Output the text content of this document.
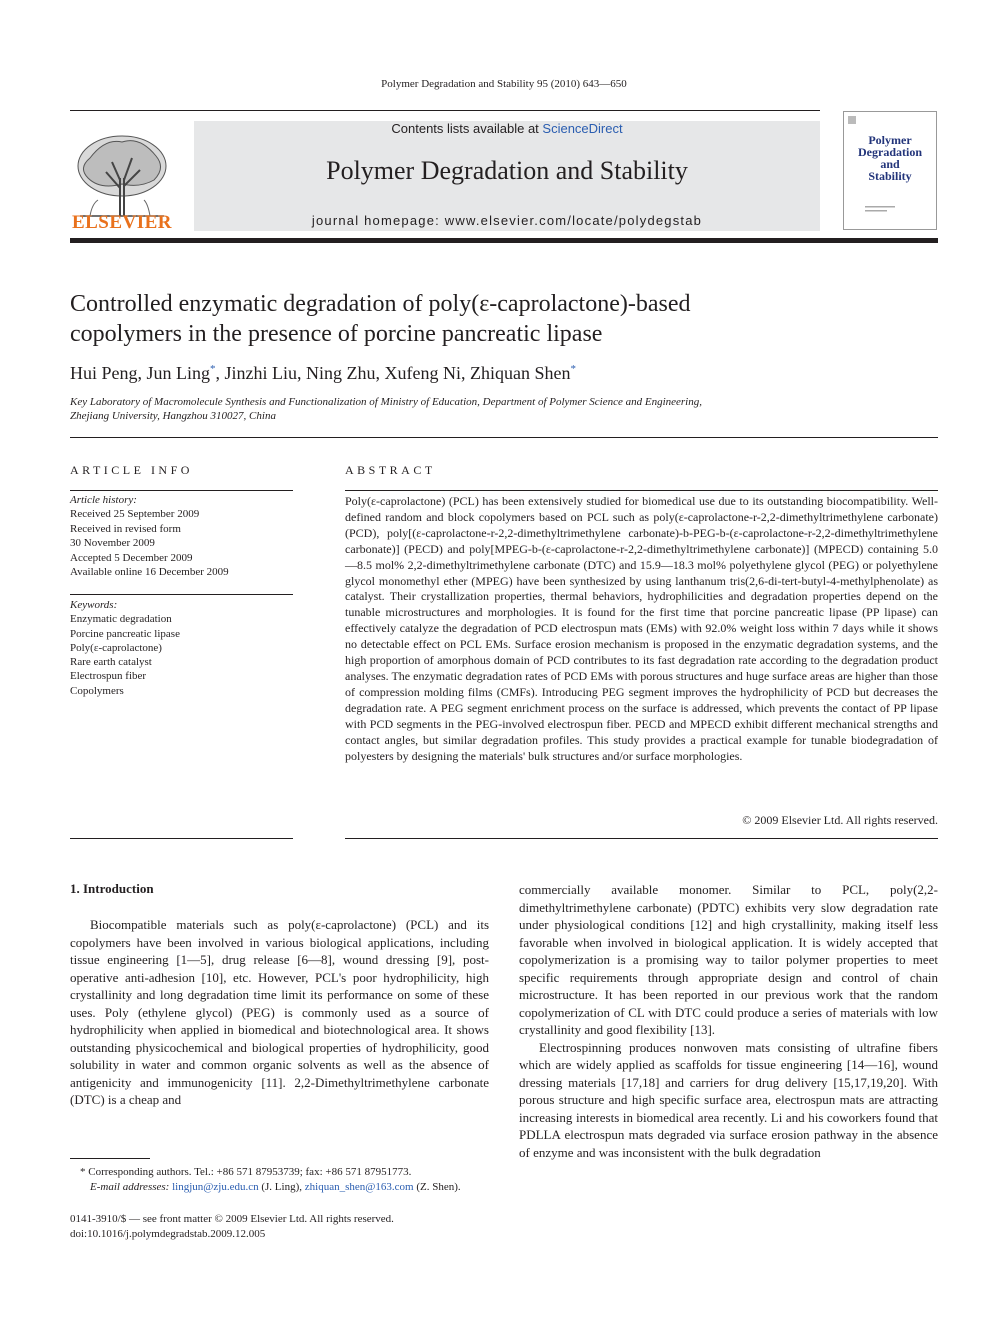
Polymer Degradation and Stability 95 (2010) 643—650
ELSEVIER
Contents lists available at ScienceDirect
Polymer Degradation and Stability
journal homepage: www.elsevier.com/locate/polydegstab
Polymer
Degradation
and
Stability
Controlled enzymatic degradation of poly(ε-caprolactone)-based
copolymers in the presence of porcine pancreatic lipase
Hui Peng, Jun Ling*, Jinzhi Liu, Ning Zhu, Xufeng Ni, Zhiquan Shen*
Key Laboratory of Macromolecule Synthesis and Functionalization of Ministry of Education, Department of Polymer Science and Engineering,
Zhejiang University, Hangzhou 310027, China
ARTICLE INFO	ABSTRACT
Article history:
Received 25 September 2009
Received in revised form
30 November 2009
Accepted 5 December 2009
Available online 16 December 2009
Keywords:
Enzymatic degradation
Porcine pancreatic lipase
Poly(ε-caprolactone)
Rare earth catalyst
Electrospun fiber
Copolymers
Poly(ε-caprolactone) (PCL) has been extensively studied for biomedical use due to its outstanding biocompatibility. Well-defined random and block copolymers based on PCL such as poly(ε-caprolactone-r-2,2-dimethyltrimethylene carbonate) (PCD), poly[(ε-caprolactone-r-2,2-dimethyltrimethylene carbonate)-b-PEG-b-(ε-caprolactone-r-2,2-dimethyltrimethylene carbonate)] (PECD) and poly[MPEG-b-(ε-caprolactone-r-2,2-dimethyltrimethylene carbonate)] (MPECD) containing 5.0—8.5 mol% 2,2-dimethyltrimethylene carbonate (DTC) and 15.9—18.3 mol% polyethylene glycol (PEG) or polyethylene glycol monomethyl ether (MPEG) have been synthesized by using lanthanum tris(2,6-di-tert-butyl-4-methylphenolate) as catalyst. Their crystallization properties, thermal behaviors, hydrophilicities and degradation properties depend on the tunable microstructures and morphologies. It is found for the first time that porcine pancreatic lipase (PP lipase) can effectively catalyze the degradation of PCD electrospun mats (EMs) with 92.0% weight loss within 7 days while it shows no detectable effect on PCL EMs. Surface erosion mechanism is proposed in the enzymatic degradation systems, and the high proportion of amorphous domain of PCD contributes to its fast degradation rate according to the degradation product analyses. The enzymatic degradation rates of PCD EMs with porous structures and huge surface areas are higher than those of compression molding films (CMFs). Introducing PEG segment improves the hydrophilicity of PCD but decreases the degradation rate. A PEG segment enrichment process on the surface is addressed, which prevents the contact of PP lipase with PCD segments in the PEG-involved electrospun fiber. PECD and MPECD exhibit different mechanical strengths and contact angles, but similar degradation profiles. This study provides a practical example for tunable biodegradation of polyesters by designing the materials' bulk structures and/or surface morphologies.
© 2009 Elsevier Ltd. All rights reserved.
1. Introduction
Biocompatible materials such as poly(ε-caprolactone) (PCL) and its copolymers have been involved in various biological applications, including tissue engineering [1—5], drug release [6—8], wound dressing [9], post-operative anti-adhesion [10], etc. However, PCL's poor hydrophilicity, high crystallinity and long degradation time limit its performance on some of these uses. Poly (ethylene glycol) (PEG) is commonly used as a source of hydrophilicity when applied in biomedical and biotechnological area. It shows outstanding physicochemical and biological properties of hydrophilicity, good solubility in water and common organic solvents as well as the absence of antigenicity and immunogenicity [11]. 2,2-Dimethyltrimethylene carbonate (DTC) is a cheap and
commercially available monomer. Similar to PCL, poly(2,2-dimethyltrimethylene carbonate) (PDTC) exhibits very slow degradation rate under physiological conditions [12] and high crystallinity, making itself less favorable when involved in biological application. It is widely accepted that copolymerization is a promising way to tailor polymer properties to meet specific requirements through appropriate design and control of chain microstructure. It has been reported in our previous work that the random copolymerization of CL with DTC could produce a series of materials with low crystallinity and good flexibility [13].
Electrospinning produces nonwoven mats consisting of ultrafine fibers which are widely applied as scaffolds for tissue engineering [14—16], wound dressing materials [17,18] and carriers for drug delivery [15,17,19,20]. With porous structure and high specific surface area, electrospun mats are attracting increasing interests in biomedical area recently. Li and his coworkers found that PDLLA electrospun mats degraded via surface erosion pathway in the absence of enzyme and was inconsistent with the bulk degradation
* Corresponding authors. Tel.: +86 571 87953739; fax: +86 571 87951773.
E-mail addresses: lingjun@zju.edu.cn (J. Ling), zhiquan_shen@163.com (Z. Shen).
0141-3910/$ — see front matter © 2009 Elsevier Ltd. All rights reserved.
doi:10.1016/j.polymdegradstab.2009.12.005
